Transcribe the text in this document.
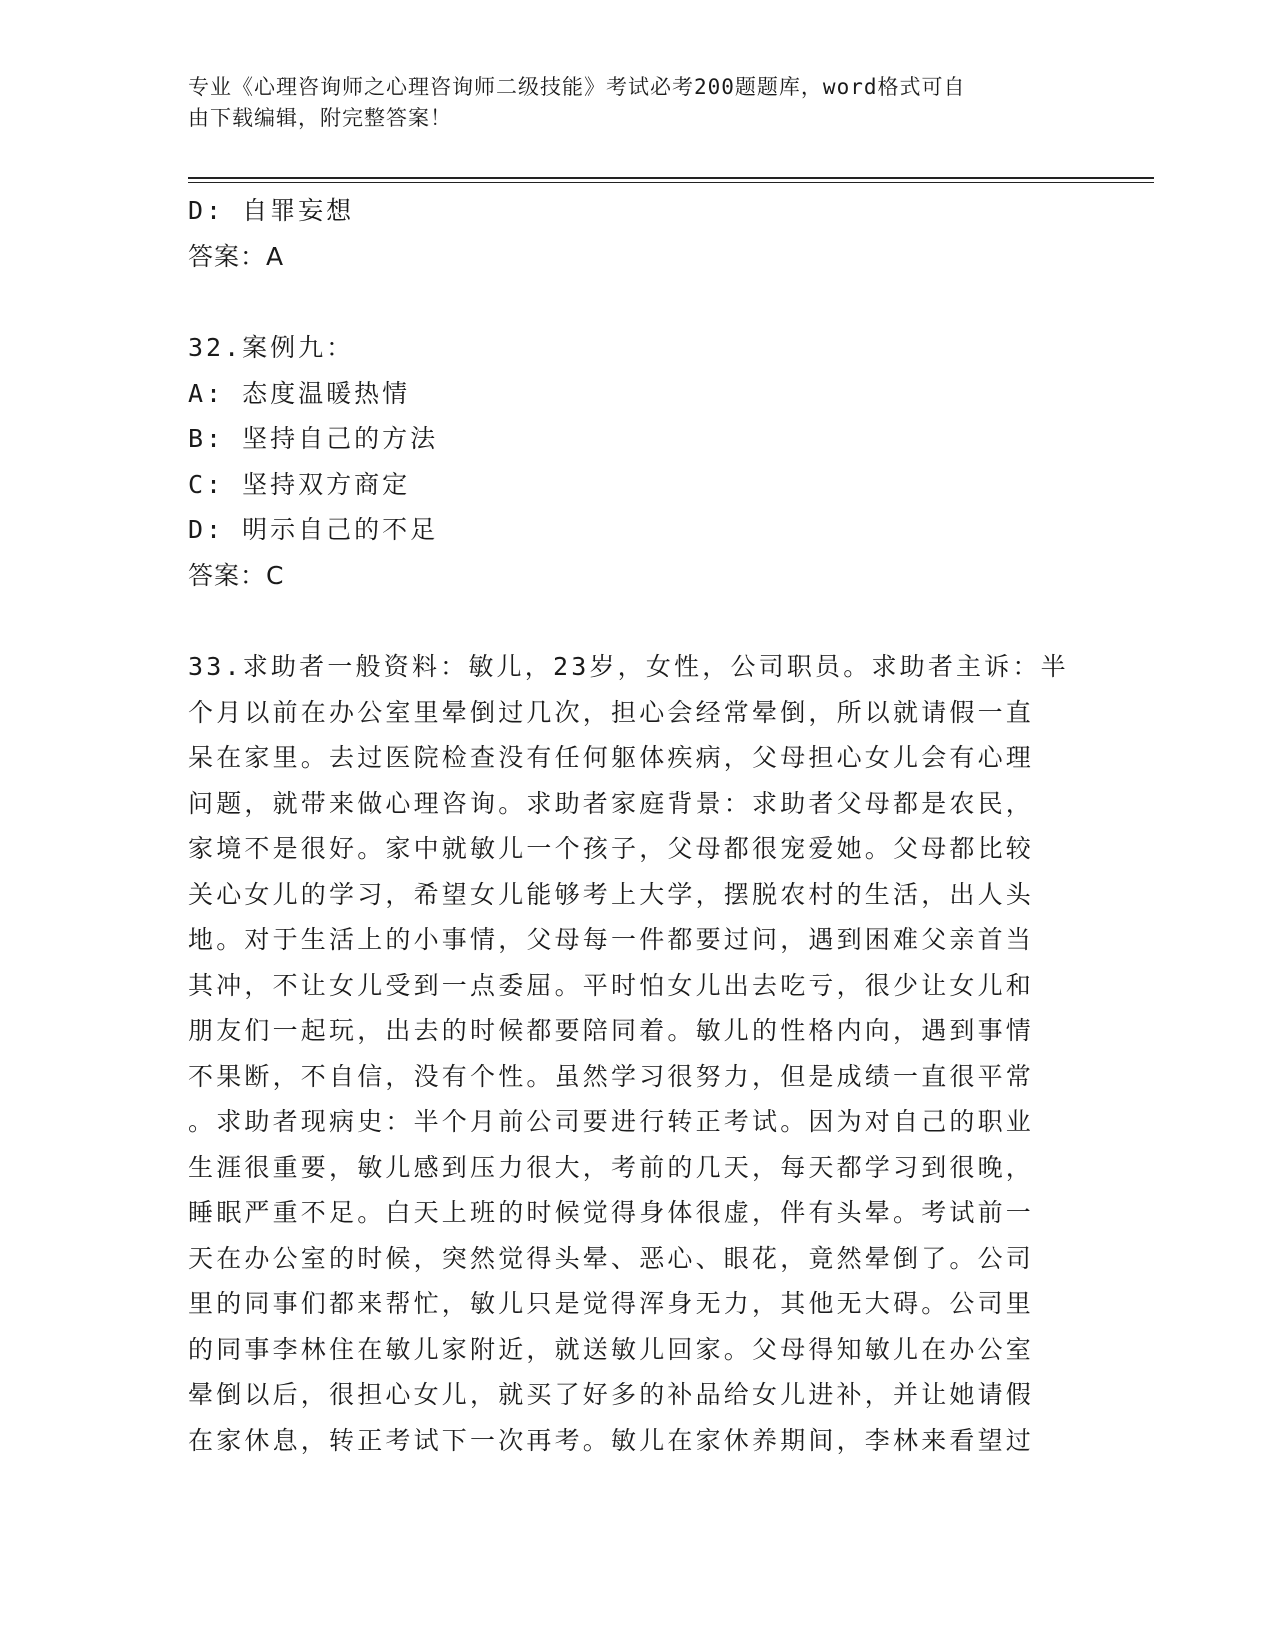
专业《心理咨询师之心理咨询师二级技能》考试必考200题题库，word格式可自
由下载编辑，附完整答案！
D: 自罪妄想
答案：A
32.案例九：
A: 态度温暖热情
B: 坚持自己的方法
C: 坚持双方商定
D: 明示自己的不足
答案：C
33.求助者一般资料：敏儿，23岁，女性，公司职员。求助者主诉：半
个月以前在办公室里晕倒过几次，担心会经常晕倒，所以就请假一直
呆在家里。去过医院检查没有任何躯体疾病，父母担心女儿会有心理
问题，就带来做心理咨询。求助者家庭背景：求助者父母都是农民，
家境不是很好。家中就敏儿一个孩子，父母都很宠爱她。父母都比较
关心女儿的学习，希望女儿能够考上大学，摆脱农村的生活，出人头
地。对于生活上的小事情，父母每一件都要过问，遇到困难父亲首当
其冲，不让女儿受到一点委屈。平时怕女儿出去吃亏，很少让女儿和
朋友们一起玩，出去的时候都要陪同着。敏儿的性格内向，遇到事情
不果断，不自信，没有个性。虽然学习很努力，但是成绩一直很平常
。求助者现病史：半个月前公司要进行转正考试。因为对自己的职业
生涯很重要，敏儿感到压力很大，考前的几天，每天都学习到很晚，
睡眠严重不足。白天上班的时候觉得身体很虚，伴有头晕。考试前一
天在办公室的时候，突然觉得头晕、恶心、眼花，竟然晕倒了。公司
里的同事们都来帮忙，敏儿只是觉得浑身无力，其他无大碍。公司里
的同事李林住在敏儿家附近，就送敏儿回家。父母得知敏儿在办公室
晕倒以后，很担心女儿，就买了好多的补品给女儿进补，并让她请假
在家休息，转正考试下一次再考。敏儿在家休养期间，李林来看望过
